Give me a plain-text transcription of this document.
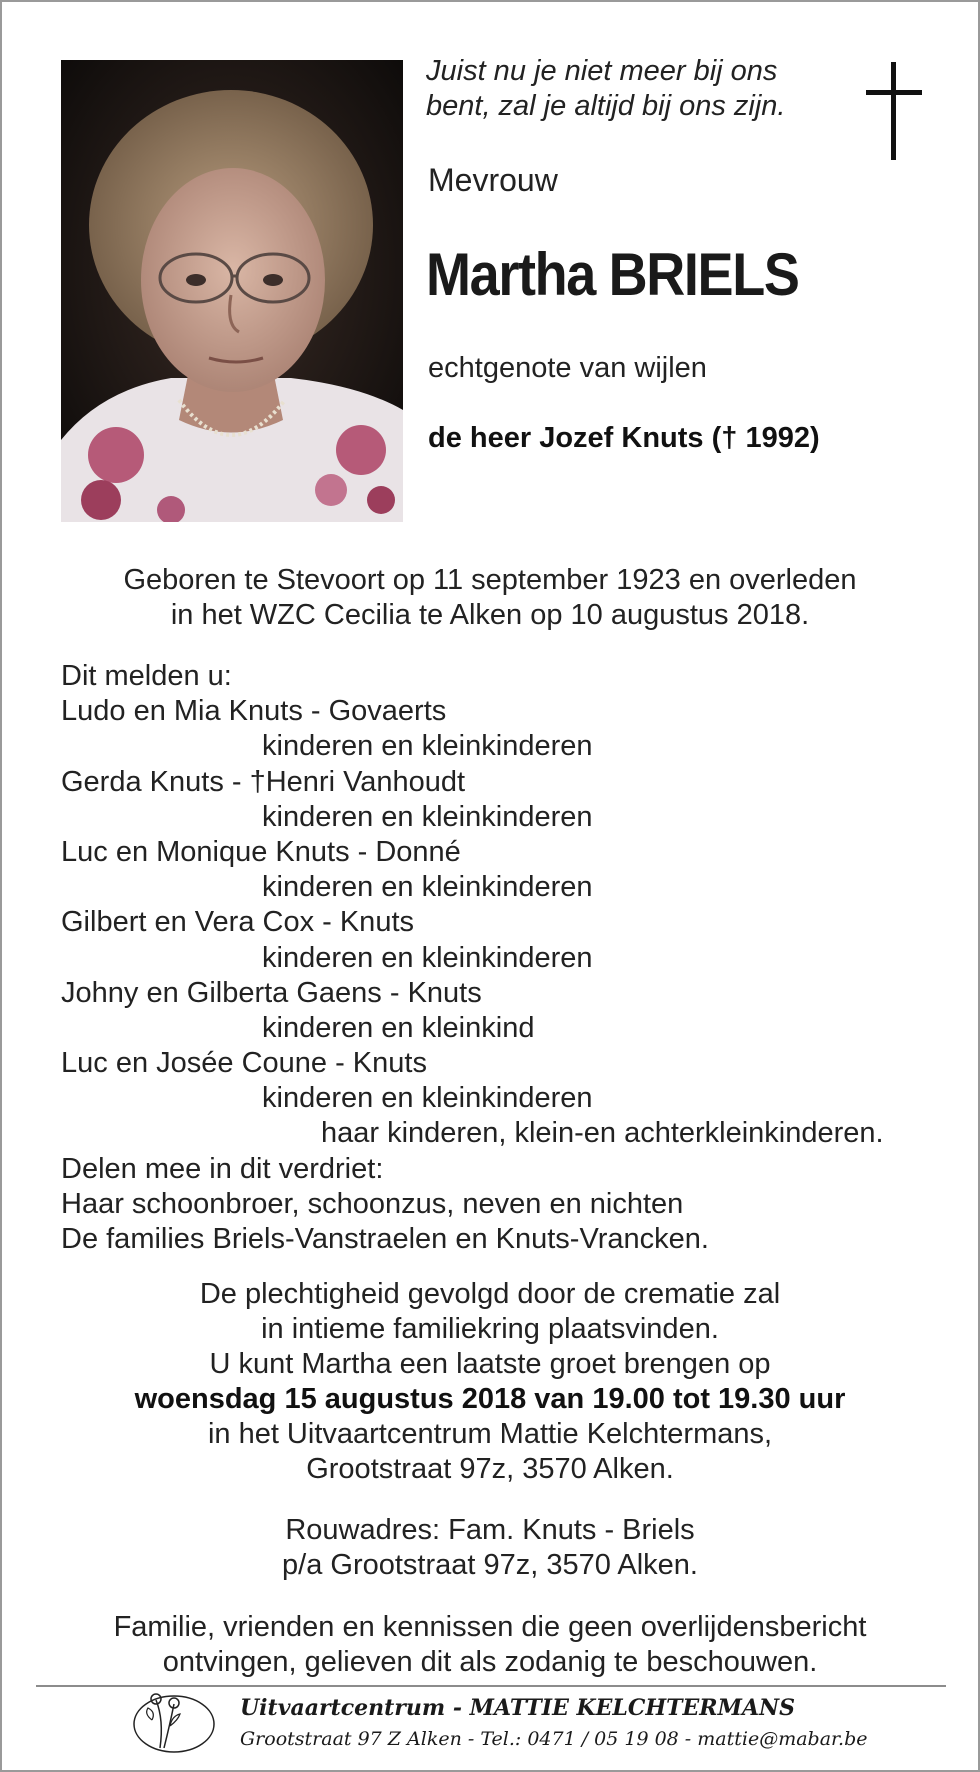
Juist nu je niet meer bij ons
bent, zal je altijd bij ons zijn.
Mevrouw
Martha BRIELS
echtgenote van wijlen
de heer Jozef Knuts († 1992)
Geboren te Stevoort op 11 september 1923 en overleden
in het WZC Cecilia te Alken op 10 augustus 2018.
Dit melden u:
Ludo en Mia Knuts - Govaerts
kinderen en kleinkinderen
Gerda Knuts - †Henri Vanhoudt
kinderen en kleinkinderen
Luc en Monique Knuts - Donné
kinderen en kleinkinderen
Gilbert en Vera Cox - Knuts
kinderen en kleinkinderen
Johny en Gilberta Gaens - Knuts
kinderen en kleinkind
Luc en Josée Coune - Knuts
kinderen en kleinkinderen
haar kinderen, klein-en achterkleinkinderen.
Delen mee in dit verdriet:
Haar schoonbroer, schoonzus, neven en nichten
De families Briels-Vanstraelen en Knuts-Vrancken.
De plechtigheid gevolgd door de crematie zal
in intieme familiekring plaatsvinden.
U kunt Martha een laatste groet brengen op
woensdag 15 augustus 2018 van 19.00 tot 19.30 uur
in het Uitvaartcentrum Mattie Kelchtermans,
Grootstraat 97z, 3570 Alken.
Rouwadres: Fam. Knuts - Briels
p/a Grootstraat 97z, 3570 Alken.
Familie, vrienden en kennissen die geen overlijdensbericht
ontvingen, gelieven dit als zodanig te beschouwen.
Uitvaartcentrum - MATTIE KELCHTERMANS
Grootstraat 97 Z Alken - Tel.: 0471 / 05 19 08 - mattie@mabar.be
